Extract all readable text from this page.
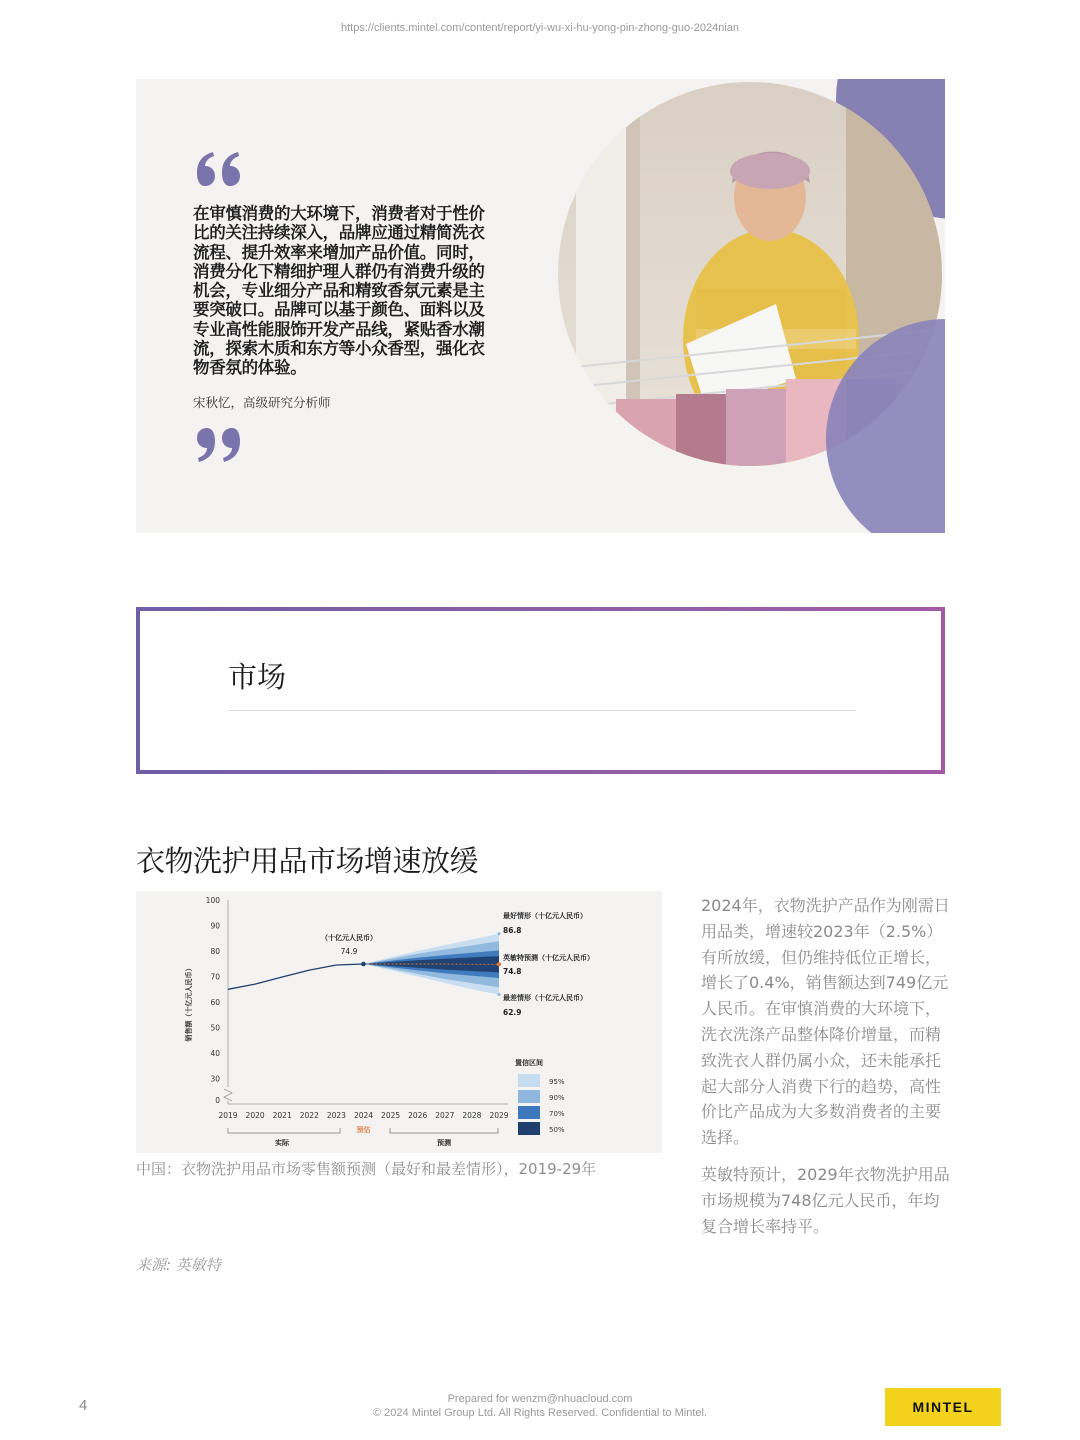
https://clients.mintel.com/content/report/yi-wu-xi-hu-yong-pin-zhong-guo-2024nian
在审慎消费的大环境下，消费者对于性价比的关注持续深入，品牌应通过精简洗衣流程、提升效率来增加产品价值。同时，消费分化下精细护理人群仍有消费升级的机会，专业细分产品和精致香氛元素是主要突破口。品牌可以基于颜色、面料以及专业高性能服饰开发产品线，紧贴香水潮流，探索木质和东方等小众香型，强化衣物香氛的体验。
宋秋忆，高级研究分析师
市场
衣物洗护用品市场增速放缓
0
30
40
50
60
70
80
90
100
销售额（十亿元人民币）
2019 2020 2021 2022 2023 2024 2025 2026 2027 2028 2029
（十亿元人民币）
74.9
最好情形（十亿元人民币）
86.8
英敏特预测（十亿元人民币）
74.8
最差情形（十亿元人民币）
62.9
置信区间
95%
90%
70%
50%
实际
预估
预测
中国：衣物洗护用品市场零售额预测（最好和最差情形），2019-29年
2024年，衣物洗护产品作为刚需日用品类，增速较2023年（2.5%）有所放缓，但仍维持低位正增长，增长了0.4%，销售额达到749亿元人民币。在审慎消费的大环境下，洗衣洗涤产品整体降价增量，而精致洗衣人群仍属小众，还未能承托起大部分人消费下行的趋势，高性价比产品成为大多数消费者的主要选择。
英敏特预计，2029年衣物洗护用品市场规模为748亿元人民币，年均复合增长率持平。
来源: 英敏特
4	Prepared for wenzm@nhuacloud.com
© 2024 Mintel Group Ltd. All Rights Reserved. Confidential to Mintel.	MINTEL
